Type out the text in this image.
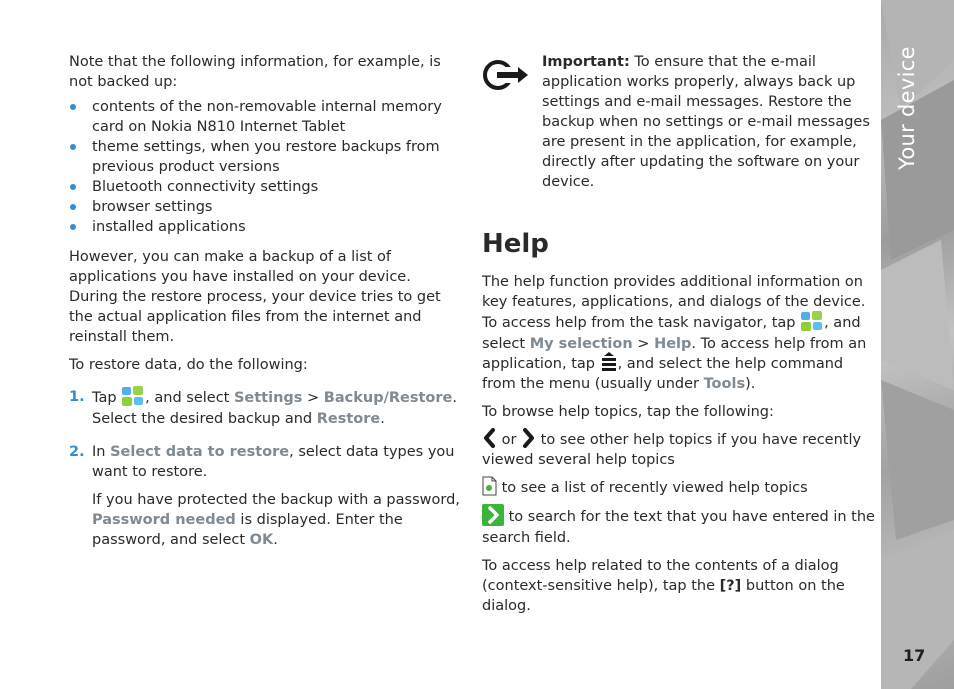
Note that the following information, for example, is not backed up:

contents of the non-removable internal memory card on Nokia N810 Internet Tablet
theme settings, when you restore backups from previous product versions
Bluetooth connectivity settings
browser settings
installed applications

However, you can make a backup of a list of applications you have installed on your device. During the restore process, your device tries to get the actual application files from the internet and reinstall them.

To restore data, do the following:

1. Tap , and select Settings > Backup/Restore. Select the desired backup and Restore.
2. In Select data to restore, select data types you want to restore.
If you have protected the backup with a password, Password needed is displayed. Enter the password, and select OK.
Important: To ensure that the e-mail application works properly, always back up settings and e-mail messages. Restore the backup when no settings or e-mail messages are present in the application, for example, directly after updating the software on your device.
Help

The help function provides additional information on key features, applications, and dialogs of the device. To access help from the task navigator, tap , and select My selection > Help. To access help from an application, tap , and select the help command from the menu (usually under Tools).

To browse help topics, tap the following:

or to see other help topics if you have recently viewed several help topics

to see a list of recently viewed help topics

to search for the text that you have entered in the search field.

To access help related to the contents of a dialog (context-sensitive help), tap the [?] button on the dialog.

Your device
17
